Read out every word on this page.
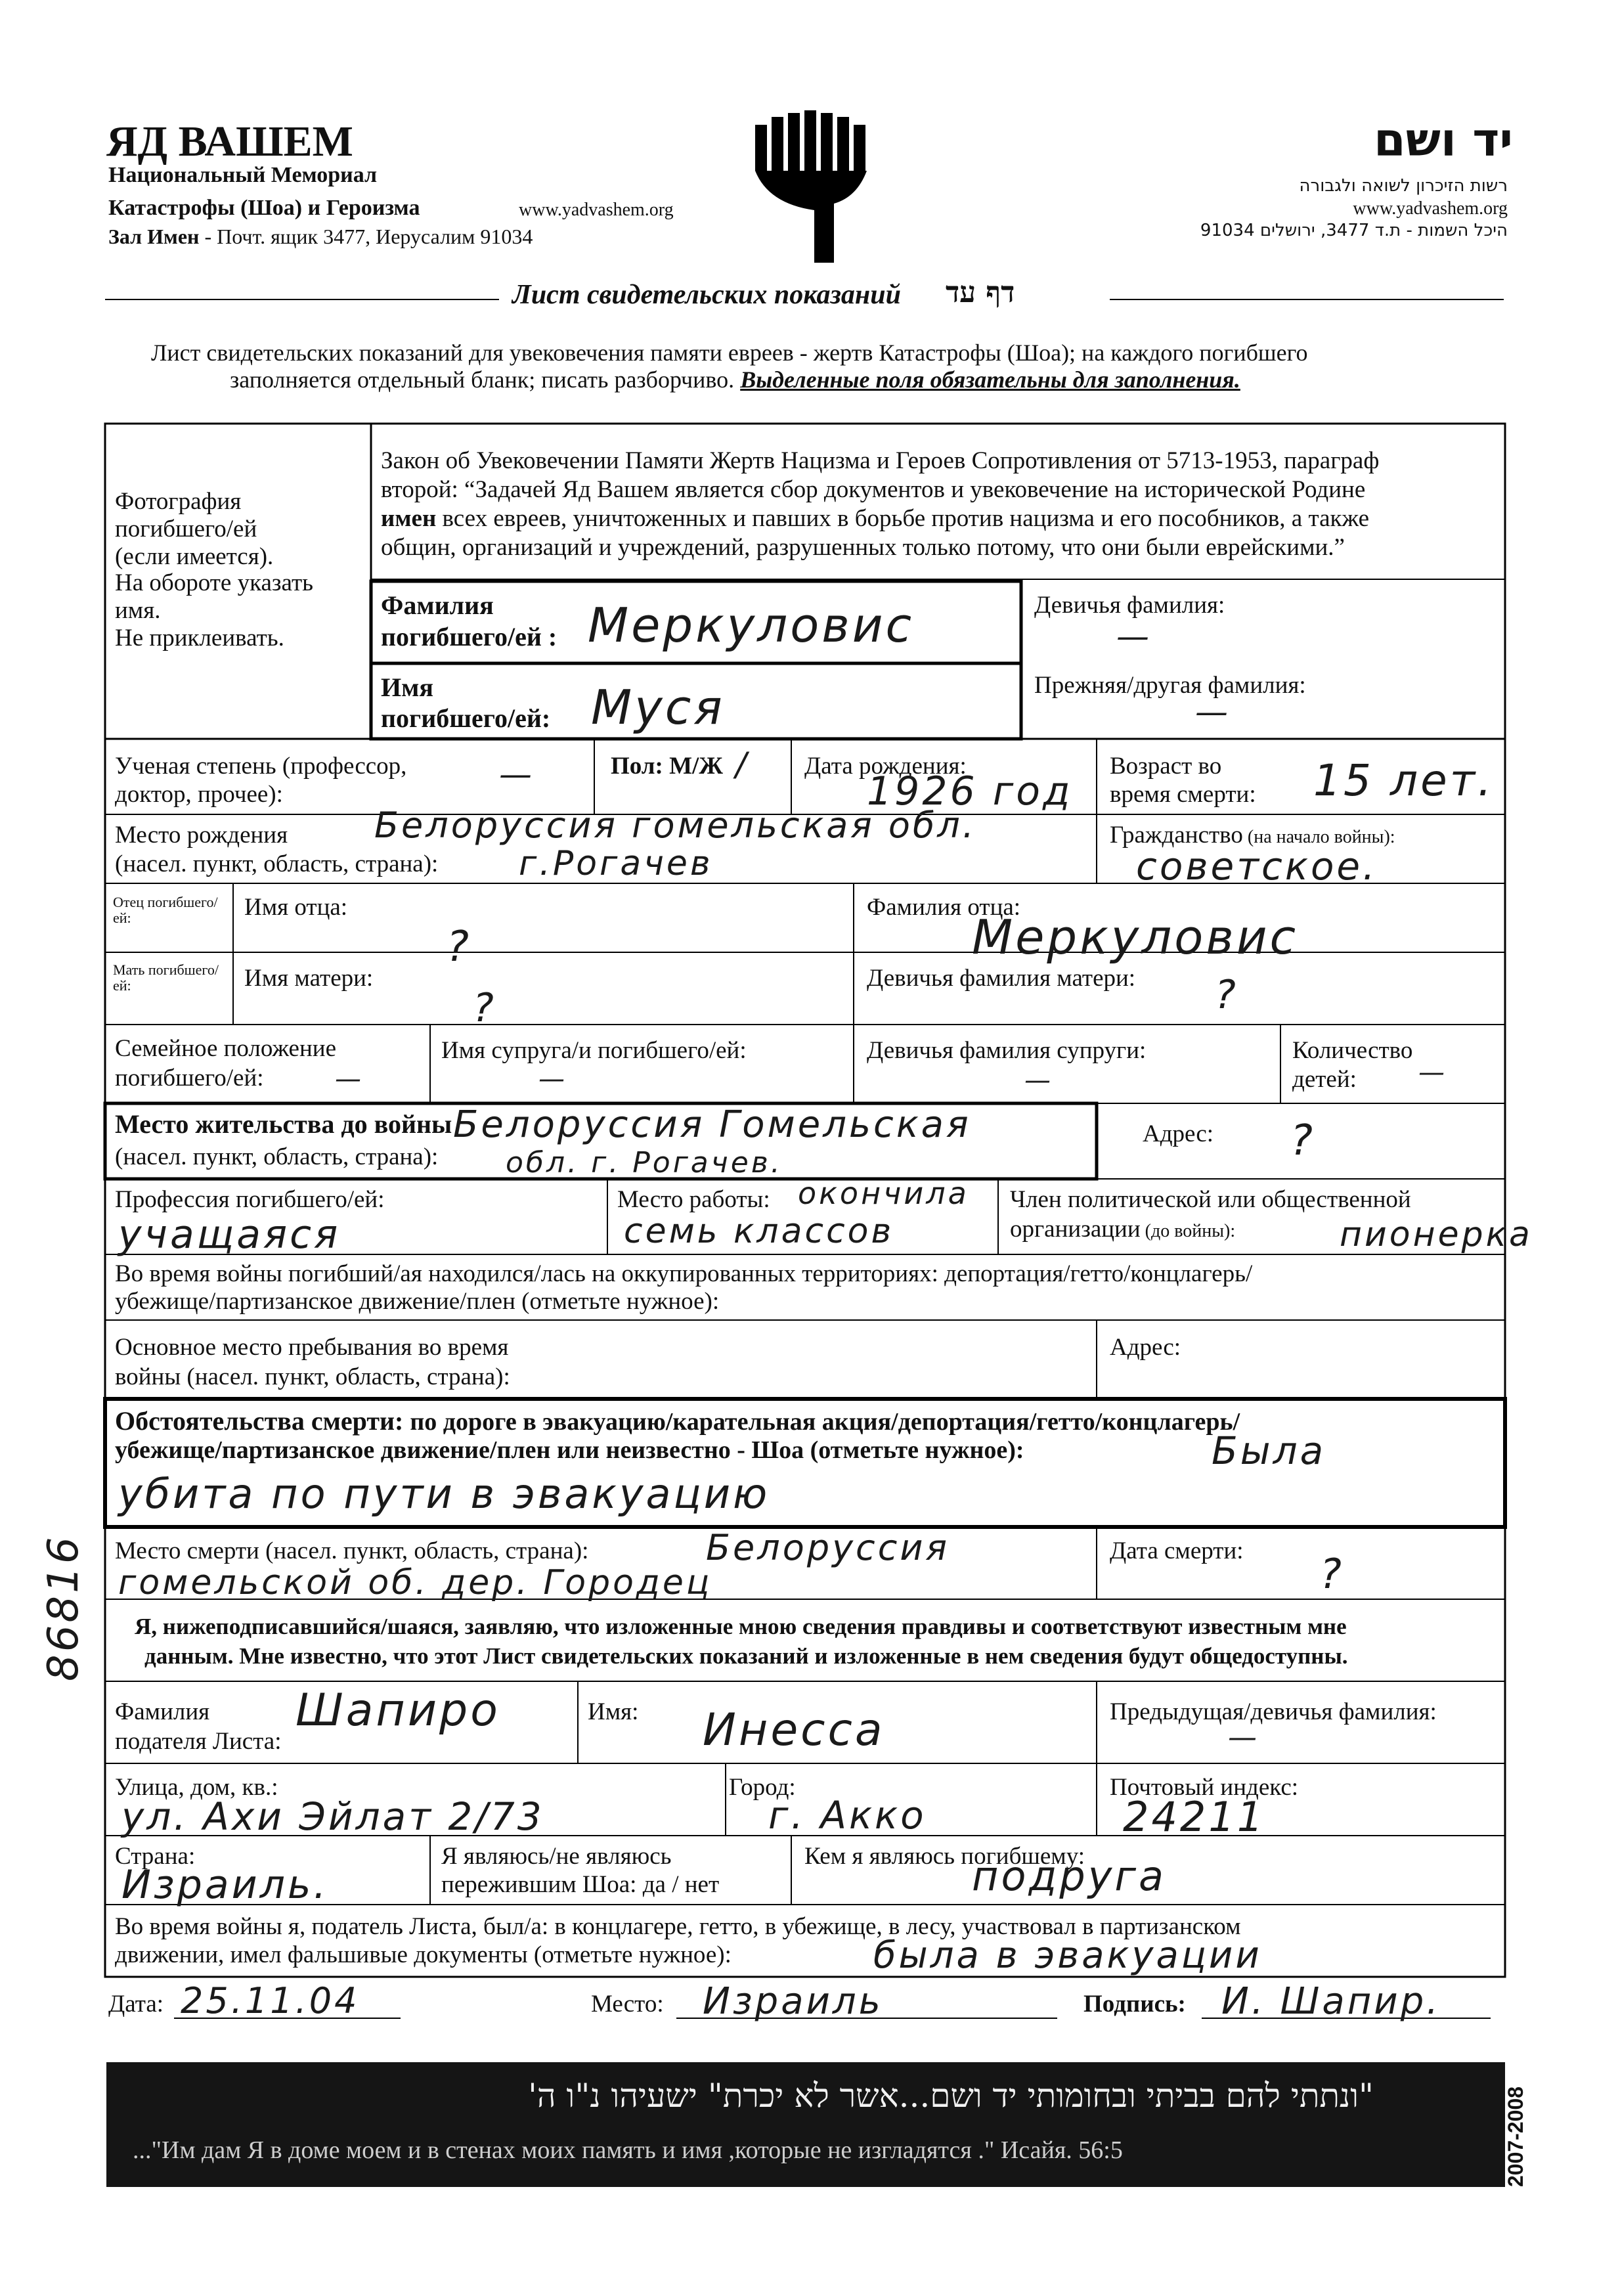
ЯД ВАШЕМ
Национальный Мемориал
Катастрофы (Шоа) и Героизма	www.yadvashem.org
Зал Имен - Почт. ящик 3477, Иерусалим 91034
יד ושם
רשות הזיכרון לשואה ולגבורה
www.yadvashem.org
היכל השמות - ת.ד 3477, ירושלים 91034
Лист свидетельских показаний דף עד
Лист свидетельских показаний для увековечения памяти евреев - жертв Катастрофы (Шоа); на каждого погибшего
заполняется отдельный бланк; писать разборчиво. Выделенные поля обязательны для заполнения.
Фотография
погибшего/ей
(если имеется).
На обороте указать
имя.
Не приклеивать.
Закон об Увековечении Памяти Жертв Нацизма и Героев Сопротивления от 5713-1953, параграф
второй: “Задачей Яд Вашем является сбор документов и увековечение на исторической Родине
имен всех евреев, уничтоженных и павших в борьбе против нацизма и его пособников, а также
общин, организаций и учреждений, разрушенных только потому, что они были еврейскими.”
Фамилия
погибшего/ей : Меркуловиc	Девичья фамилия:
—
Имя
погибшего/ей: Муся	Прежняя/другая фамилия:
—
Ученая степень (профессор,
доктор, прочее):
—	Пол: М/Ж / Дата рождения:
1926 год
Возраст во
время смерти: 15 лет.
Место рождения
(насел. пункт, область, страна):
Белоруссия гомельская обл.
г.Рогачев
Гражданство (на начало войны):
советское.
Отец погибшего/ ей:	Имя отца:
?
Фамилия отца:
Меркуловиc
Мать погибшего/ ей:	Имя матери:
?
Девичья фамилия матери: ?
Семейное положение
погибшего/ей:	—
Имя супруга/и погибшего/ей:
—
Девичья фамилия супруги:
—
Количество
детей: —
Место жительства до войны
(насел. пункт, область, страна):
Белоруссия Гомельская
обл. г. Рогачев.
Адрес: ?
Профессия погибшего/ей:
учащаяся
Место работы: окончила
семь классов
Член политической или общественной
организации (до войны):	пионерка
Во время войны погибший/ая находился/лась на оккупированных территориях: депортация/гетто/концлагерь/
убежище/партизанское движение/плен (отметьте нужное):
Основное место пребывания во время
войны (насел. пункт, область, страна):
Адрес:
Обстоятельства смерти: по дороге в эвакуацию/карательная акция/депортация/гетто/концлагерь/
убежище/партизанское движение/плен или неизвестно - Шоа (отметьте нужное):	Была
убита по пути в эвакуацию
Место смерти (насел. пункт, область, страна):	Белоруссия
гомельской об. дер. Городец
Дата смерти: ?
Я, нижеподписавшийся/шаяся, заявляю, что изложенные мною сведения правдивы и соответствуют известным мне
данным. Мне известно, что этот Лист свидетельских показаний и изложенные в нем сведения будут общедоступны.
Фамилия
подателя Листа:
Шапиро	Имя: Инесса	Предыдущая/девичья фамилия:
—
Улица, дом, кв.:
ул. Ахи Эйлат 2/73
Город:
г. Акко
Почтовый индекс:
24211
Страна:
Израиль.
Я являюсь/не являюсь
пережившим Шоа: да / нет
Кем я являюсь погибшему:
подруга
Во время войны я, податель Листа, был/а: в концлагере, гетто, в убежище, в лесу, участвовал в партизанском
движении, имел фальшивые документы (отметьте нужное):	была в эвакуации
Дата: 25.11.04	Место: Израиль	Подпись: И. Шапир.
86816
"ונתתי להם בביתי ובחומותי יד ושם...אשר לא יכרת" ישעיהו נ"ו ה'
..."Им дам Я в доме моем и в стенах моих память и имя ,которые не изгладятся ." Исайя. 56:5	2007-2008
